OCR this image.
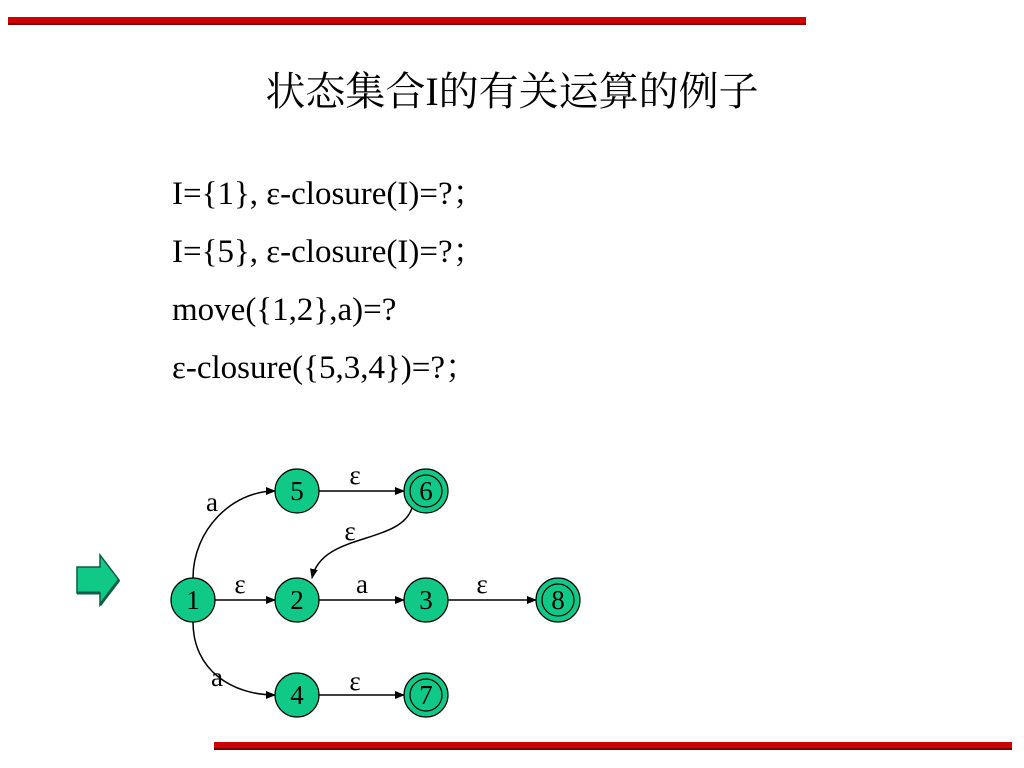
状态集合I的有关运算的例子
I={1}, ε-closure(I)=?；
I={5}, ε-closure(I)=?；
move({1,2},a)=?
ε-closure({5,3,4})=?；
1	2	3
4
5	6
7
8
a
ε
ε
ε	a	ε
a	ε
